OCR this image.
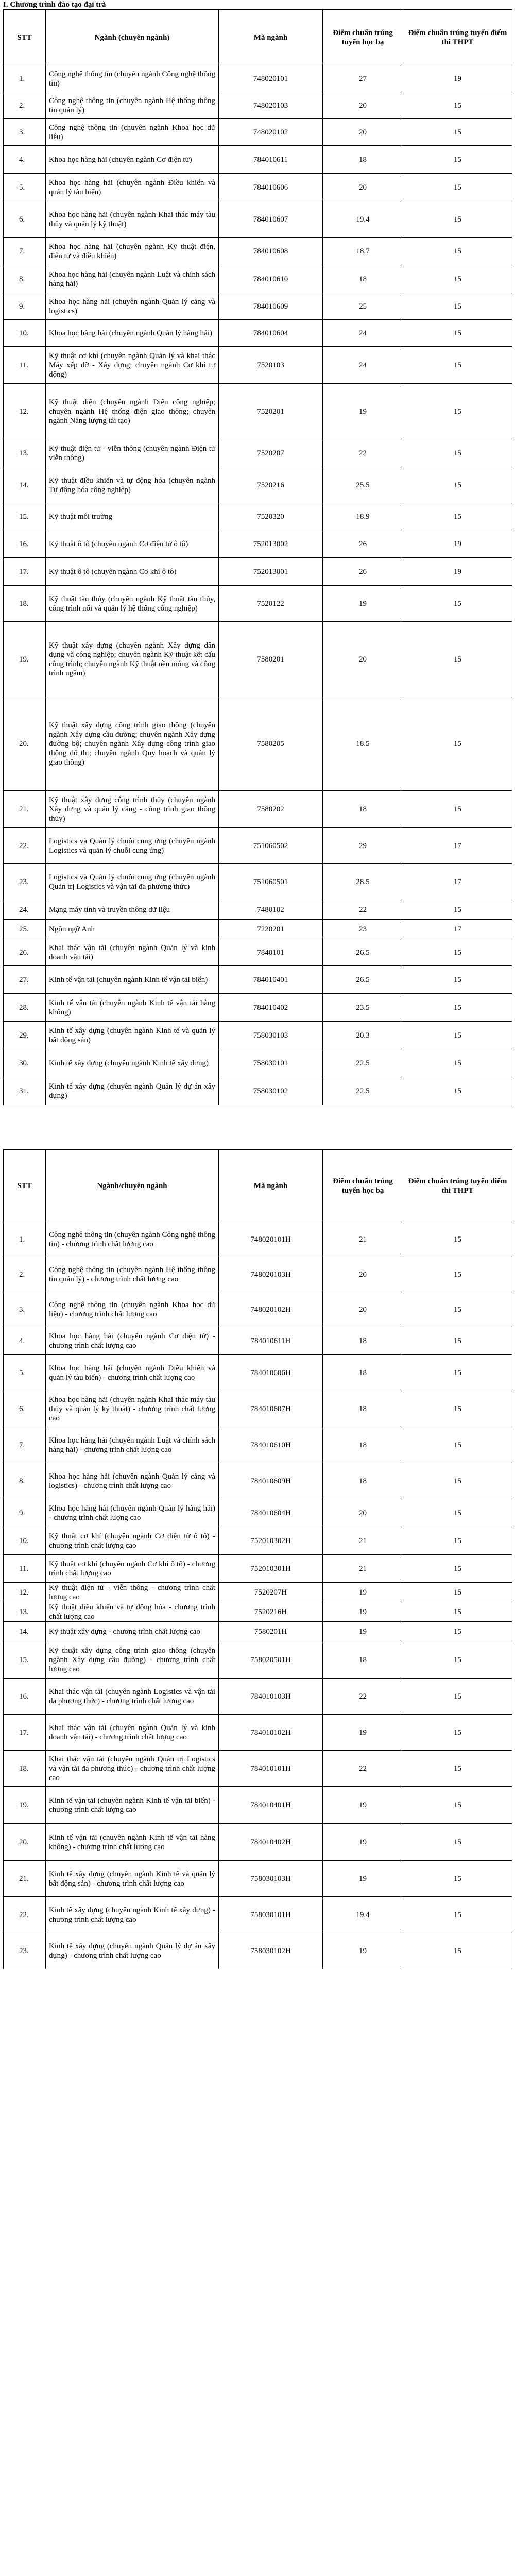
I. Chương trình đào tạo đại trà
STT	Ngành (chuyên ngành)	Mã ngành	Điểm chuẩn trúng tuyển học bạ	Điểm chuẩn trúng tuyển điểm thi THPT
1.	Công nghệ thông tin (chuyên ngành Công nghệ thông tin)	748020101	27	19
2.	Công nghệ thông tin (chuyên ngành Hệ thống thông tin quản lý)	748020103	20	15
3.	Công nghệ thông tin (chuyên ngành Khoa học dữ liệu)	748020102	20	15
4.	Khoa học hàng hải (chuyên ngành Cơ điện tử)	784010611	18	15
5.	Khoa học hàng hải (chuyên ngành Điều khiển và quản lý tàu biển)	784010606	20	15
6.	Khoa học hàng hải (chuyên ngành Khai thác máy tàu thủy và quản lý kỹ thuật)	784010607	19.4	15
7.	Khoa học hàng hải (chuyên ngành Kỹ thuật điện, điện tử và điều khiển)	784010608	18.7	15
8.	Khoa học hàng hải (chuyên ngành Luật và chính sách hàng hải)	784010610	18	15
9.	Khoa học hàng hải (chuyên ngành Quản lý cảng và logistics)	784010609	25	15
10.	Khoa học hàng hải (chuyên ngành Quản lý hàng hải)	784010604	24	15
11.	Kỹ thuật cơ khí (chuyên ngành Quản lý và khai thác Máy xếp dỡ - Xây dựng; chuyên ngành Cơ khí tự động)	7520103	24	15
12.	Kỹ thuật điện (chuyên ngành Điện công nghiệp; chuyên ngành Hệ thống điện giao thông; chuyên ngành Năng lượng tái tạo)	7520201	19	15
13.	Kỹ thuật điện tử - viễn thông (chuyên ngành Điện tử viễn thông)	7520207	22	15
14.	Kỹ thuật điều khiển và tự động hóa (chuyên ngành Tự động hóa công nghiệp)	7520216	25.5	15
15.	Kỹ thuật môi trường	7520320	18.9	15
16.	Kỹ thuật ô tô (chuyên ngành Cơ điện tử ô tô)	752013002	26	19
17.	Kỹ thuật ô tô (chuyên ngành Cơ khí ô tô)	752013001	26	19
18.	Kỹ thuật tàu thủy (chuyên ngành Kỹ thuật tàu thủy, công trình nổi và quản lý hệ thống công nghiệp)	7520122	19	15
19.	Kỹ thuật xây dựng (chuyên ngành Xây dựng dân dụng và công nghiệp; chuyên ngành Kỹ thuật kết cấu công trình; chuyên ngành Kỹ thuật nền móng và công trình ngầm)	7580201	20	15
20.	Kỹ thuật xây dựng công trình giao thông (chuyên ngành Xây dựng cầu đường; chuyên ngành Xây dựng đường bộ; chuyên ngành Xây dựng công trình giao thông đô thị; chuyên ngành Quy hoạch và quản lý giao thông)	7580205	18.5	15
21.	Kỹ thuật xây dựng công trình thủy (chuyên ngành Xây dựng và quản lý cảng - công trình giao thông thủy)	7580202	18	15
22.	Logistics và Quản lý chuỗi cung ứng (chuyên ngành Logistics và quản lý chuỗi cung ứng)	751060502	29	17
23.	Logistics và Quản lý chuỗi cung ứng (chuyên ngành Quản trị Logistics và vận tải đa phương thức)	751060501	28.5	17
24.	Mạng máy tính và truyền thông dữ liệu	7480102	22	15
25.	Ngôn ngữ Anh	7220201	23	17
26.	Khai thác vận tải (chuyên ngành Quản lý và kinh doanh vận tải)	7840101	26.5	15
27.	Kinh tế vận tải (chuyên ngành Kinh tế vận tải biển)	784010401	26.5	15
28.	Kinh tế vận tải (chuyên ngành Kinh tế vận tải hàng không)	784010402	23.5	15
29.	Kinh tế xây dựng (chuyên ngành Kinh tế và quản lý bất động sản)	758030103	20.3	15
30.	Kinh tế xây dựng (chuyên ngành Kinh tế xây dựng)	758030101	22.5	15
31.	Kinh tế xây dựng (chuyên ngành Quản lý dự án xây dựng)	758030102	22.5	15
STT	Ngành/chuyên ngành	Mã ngành	Điểm chuẩn trúng tuyển học bạ	Điểm chuẩn trúng tuyển điểm thi THPT
1.	Công nghệ thông tin (chuyên ngành Công nghệ thông tin) - chương trình chất lượng cao	748020101H	21	15
2.	Công nghệ thông tin (chuyên ngành Hệ thống thông tin quản lý) - chương trình chất lượng cao	748020103H	20	15
3.	Công nghệ thông tin (chuyên ngành Khoa học dữ liệu) - chương trình chất lượng cao	748020102H	20	15
4.	Khoa học hàng hải (chuyên ngành Cơ điện tử) - chương trình chất lượng cao	784010611H	18	15
5.	Khoa học hàng hải (chuyên ngành Điều khiển và quản lý tàu biển) - chương trình chất lượng cao	784010606H	18	15
6.	Khoa học hàng hải (chuyên ngành Khai thác máy tàu thủy và quản lý kỹ thuật) - chương trình chất lượng cao	784010607H	18	15
7.	Khoa học hàng hải (chuyên ngành Luật và chính sách hàng hải) - chương trình chất lượng cao	784010610H	18	15
8.	Khoa học hàng hải (chuyên ngành Quản lý cảng và logistics) - chương trình chất lượng cao	784010609H	18	15
9.	Khoa học hàng hải (chuyên ngành Quản lý hàng hải) - chương trình chất lượng cao	784010604H	20	15
10.	Kỹ thuật cơ khí (chuyên ngành Cơ điện tử ô tô) - chương trình chất lượng cao	752010302H	21	15
11.	Kỹ thuật cơ khí (chuyên ngành Cơ khí ô tô) - chương trình chất lượng cao	752010301H	21	15
12.	Kỹ thuật điện tử - viễn thông - chương trình chất lượng cao	7520207H	19	15
13.	Kỹ thuật điều khiển và tự động hóa - chương trình chất lượng cao	7520216H	19	15
14.	Kỹ thuật xây dựng - chương trình chất lượng cao	7580201H	19	15
15.	Kỹ thuật xây dựng công trình giao thông (chuyên ngành Xây dựng cầu đường) - chương trình chất lượng cao	758020501H	18	15
16.	Khai thác vận tải (chuyên ngành Logistics và vận tải đa phương thức) - chương trình chất lượng cao	784010103H	22	15
17.	Khai thác vận tải (chuyên ngành Quản lý và kinh doanh vận tải) - chương trình chất lượng cao	784010102H	19	15
18.	Khai thác vận tải (chuyên ngành Quản trị Logistics và vận tải đa phương thức) - chương trình chất lượng cao	784010101H	22	15
19.	Kinh tế vận tải (chuyên ngành Kinh tế vận tải biển) - chương trình chất lượng cao	784010401H	19	15
20.	Kinh tế vận tải (chuyên ngành Kinh tế vận tải hàng không) - chương trình chất lượng cao	784010402H	19	15
21.	Kinh tế xây dựng (chuyên ngành Kinh tế và quản lý bất động sản) - chương trình chất lượng cao	758030103H	19	15
22.	Kinh tế xây dựng (chuyên ngành Kinh tế xây dựng) - chương trình chất lượng cao	758030101H	19.4	15
23.	Kinh tế xây dựng (chuyên ngành Quản lý dự án xây dựng) - chương trình chất lượng cao	758030102H	19	15
